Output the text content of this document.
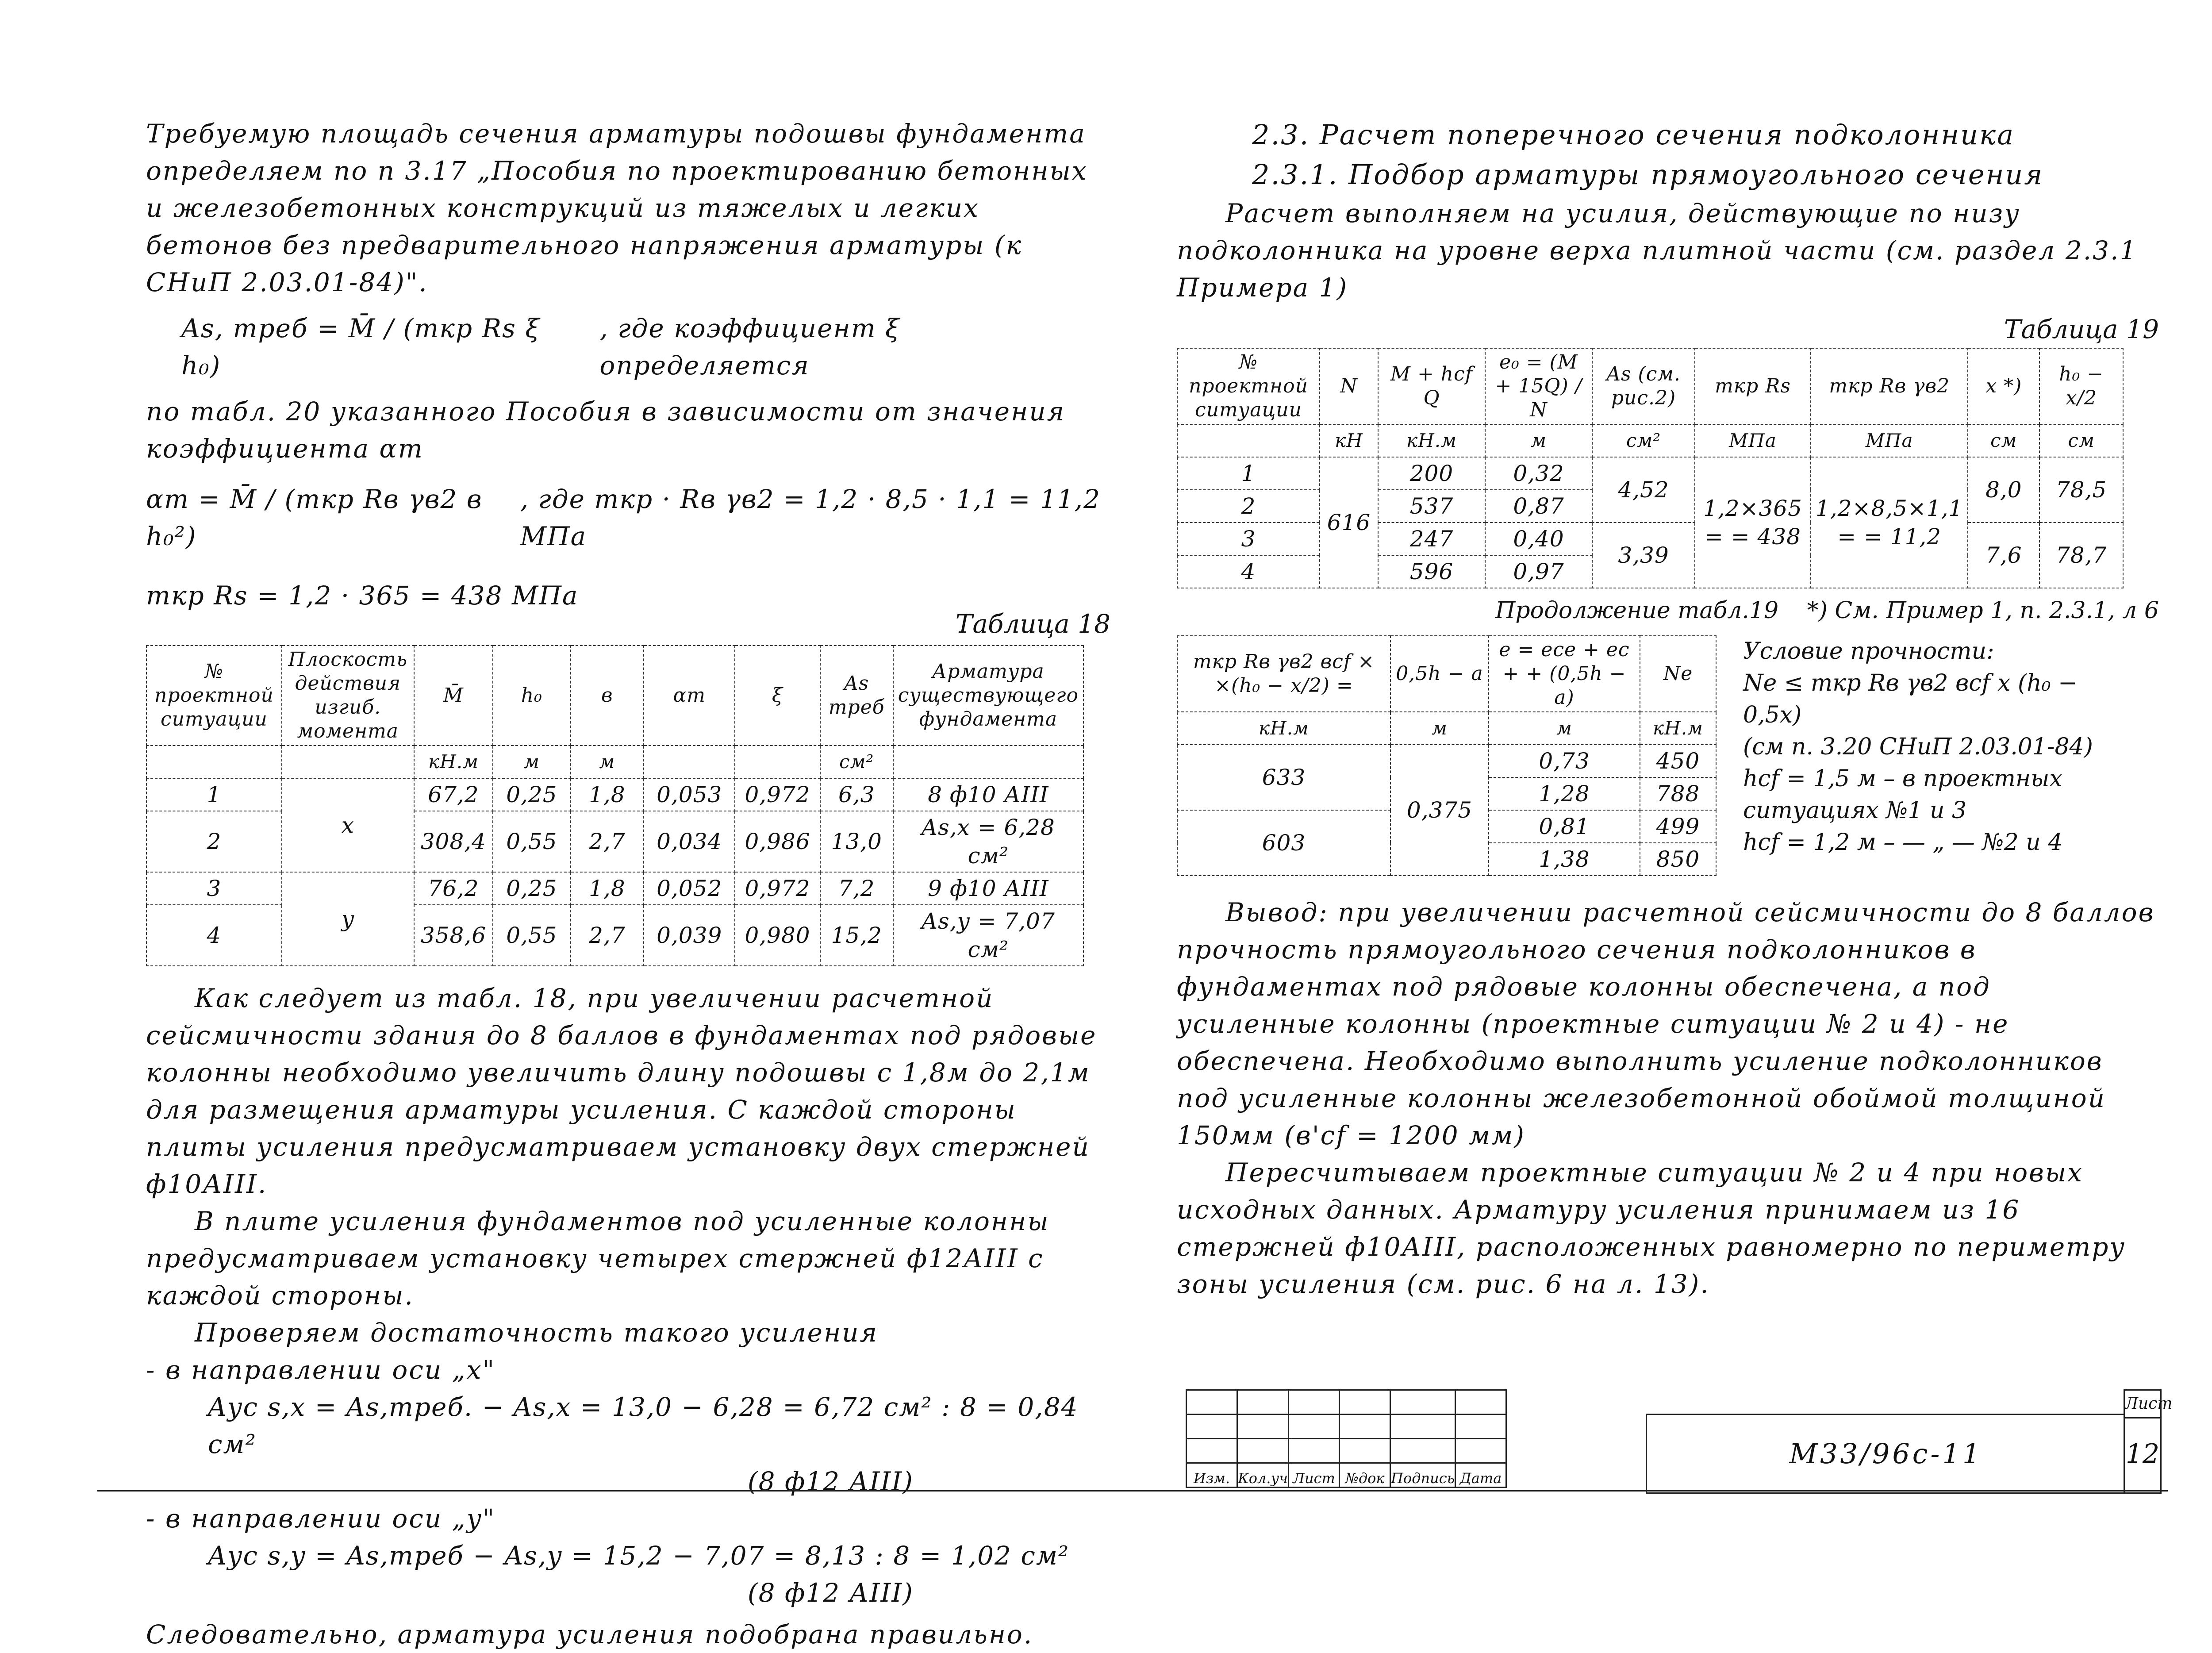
Требуемую площадь сечения арматуры подошвы фундамента определяем по п 3.17 „Пособия по проектированию бетонных и железобетонных конструкций из тяжелых и легких бетонов без предварительного напряжения арматуры (к СНиП 2.03.01-84)".

As, треб = M̄ / (mкр Rs ξ h₀)
, где коэффициент ξ определяется

по табл. 20 указанного Пособия в зависимости от значения коэффициента αm

αm = M̄ / (mкр Rв γв2 в h₀²)
, где mкр · Rв γв2 = 1,2 · 8,5 · 1,1 = 11,2 МПа

mкр Rs = 1,2 · 365 = 438 МПа

Таблица 18

№ проектной ситуации	Плоскость действия изгиб. момента	M̄	h₀	в	αm	ξ	As треб	Арматура существующего фундамента
		кН.м	м	м			см²	
1	x	67,2	0,25	1,8	0,053	0,972	6,3	8 ф10 АIII
2		308,4	0,55	2,7	0,034	0,986	13,0	As,x = 6,28 см²
3	y	76,2	0,25	1,8	0,052	0,972	7,2	9 ф10 АIII
4		358,6	0,55	2,7	0,039	0,980	15,2	As,y = 7,07 см²

Как следует из табл. 18, при увеличении расчетной сейсмичности здания до 8 баллов в фундаментах под рядовые колонны необходимо увеличить длину подошвы с 1,8м до 2,1м для размещения арматуры усиления. С каждой стороны плиты усиления предусматриваем установку двух стержней ф10АIII.

В плите усиления фундаментов под усиленные колонны предусматриваем установку четырех стержней ф12АIII с каждой стороны.

Проверяем достаточность такого усиления

- в направлении оси „x"

Aус s,x = As,треб. − As,x = 13,0 − 6,28 = 6,72 см² : 8 = 0,84 см²

(8 ф12 АIII)

- в направлении оси „y"

Aус s,y = As,треб − As,y = 15,2 − 7,07 = 8,13 : 8 = 1,02 см²

(8 ф12 АIII)

Следовательно, арматура усиления подобрана правильно.

2.3. Расчет поперечного сечения подколонника

2.3.1. Подбор арматуры прямоугольного сечения

Расчет выполняем на усилия, действующие по низу подколонника на уровне верха плитной части (см. раздел 2.3.1 Примера 1)

Таблица 19

№ проектной ситуации	N	M + hcf Q	e₀ = (M + 15Q) / N	As (см. рис.2)	mкр Rs	mкр Rв γв2	x *)	h₀ − x/2
	кН	кН.м	м	см²	МПа	МПа	см	см
1	616	200	0,32	4,52	1,2×365 = = 438	1,2×8,5×1,1 = = 11,2	8,0	78,5
2		537	0,87					
3		247	0,40	3,39			7,6	78,7
4		596	0,97					
Продолжение табл.19 *) См. Пример 1, п. 2.3.1, л 6
mкр Rв γв2 вcf × ×(h₀ − x/2) =	0,5h − a	e = eсе + eс + + (0,5h − a)	Ne
кН.м	м	м	кН.м
633	0,375	0,73	450
		1,28	788
603		0,81	499
		1,38	850

Условие прочности:

Ne ≤ mкр Rв γв2 вcf x (h₀ − 0,5x)

(см п. 3.20 СНиП 2.03.01-84)

hcf = 1,5 м – в проектных ситуациях №1 и 3

hcf = 1,2 м – — „ — №2 и 4

Вывод: при увеличении расчетной сейсмичности до 8 баллов прочность прямоугольного сечения подколонников в фундаментах под рядовые колонны обеспечена, а под усиленные колонны (проектные ситуации № 2 и 4) - не обеспечена. Необходимо выполнить усиление подколонников под усиленные колонны железобетонной обоймой толщиной 150мм (в'cf = 1200 мм)

Пересчитываем проектные ситуации № 2 и 4 при новых исходных данных. Арматуру усиления принимаем из 16 стержней ф10АIII, расположенных равномерно по периметру зоны усиления (см. рис. 6 на л. 13).

Изм.	Кол.уч	Лист	№док	Подпись	Дата
М33/96с-11
Лист
12
